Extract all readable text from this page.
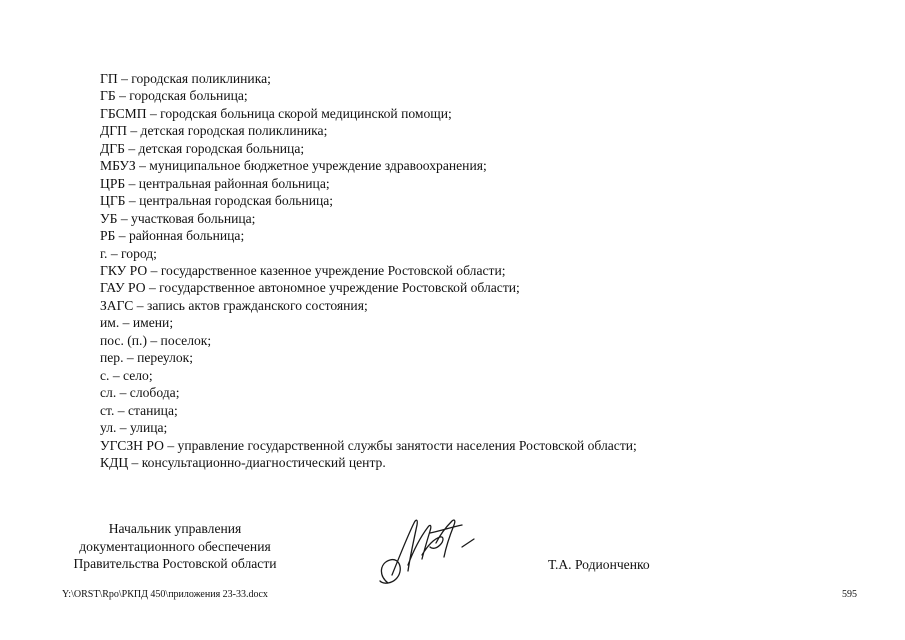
ГП – городская поликлиника;
ГБ – городская больница;
ГБСМП – городская больница скорой медицинской помощи;
ДГП – детская городская поликлиника;
ДГБ – детская городская больница;
МБУЗ – муниципальное бюджетное учреждение здравоохранения;
ЦРБ – центральная районная больница;
ЦГБ – центральная городская больница;
УБ – участковая больница;
РБ – районная больница;
г. – город;
ГКУ РО – государственное казенное учреждение Ростовской области;
ГАУ РО – государственное автономное учреждение Ростовской области;
ЗАГС – запись актов гражданского состояния;
им. – имени;
пос. (п.) – поселок;
пер. – переулок;
с. – село;
сл. – слобода;
ст. – станица;
ул. – улица;
УГСЗН РО – управление государственной службы занятости населения Ростовской области;
КДЦ – консультационно-диагностический центр.
Начальник управления
документационного обеспечения
Правительства Ростовской области	Т.А. Родионченко
Y:\ORST\Rpo\РКПД 450\приложения 23-33.docx	595
